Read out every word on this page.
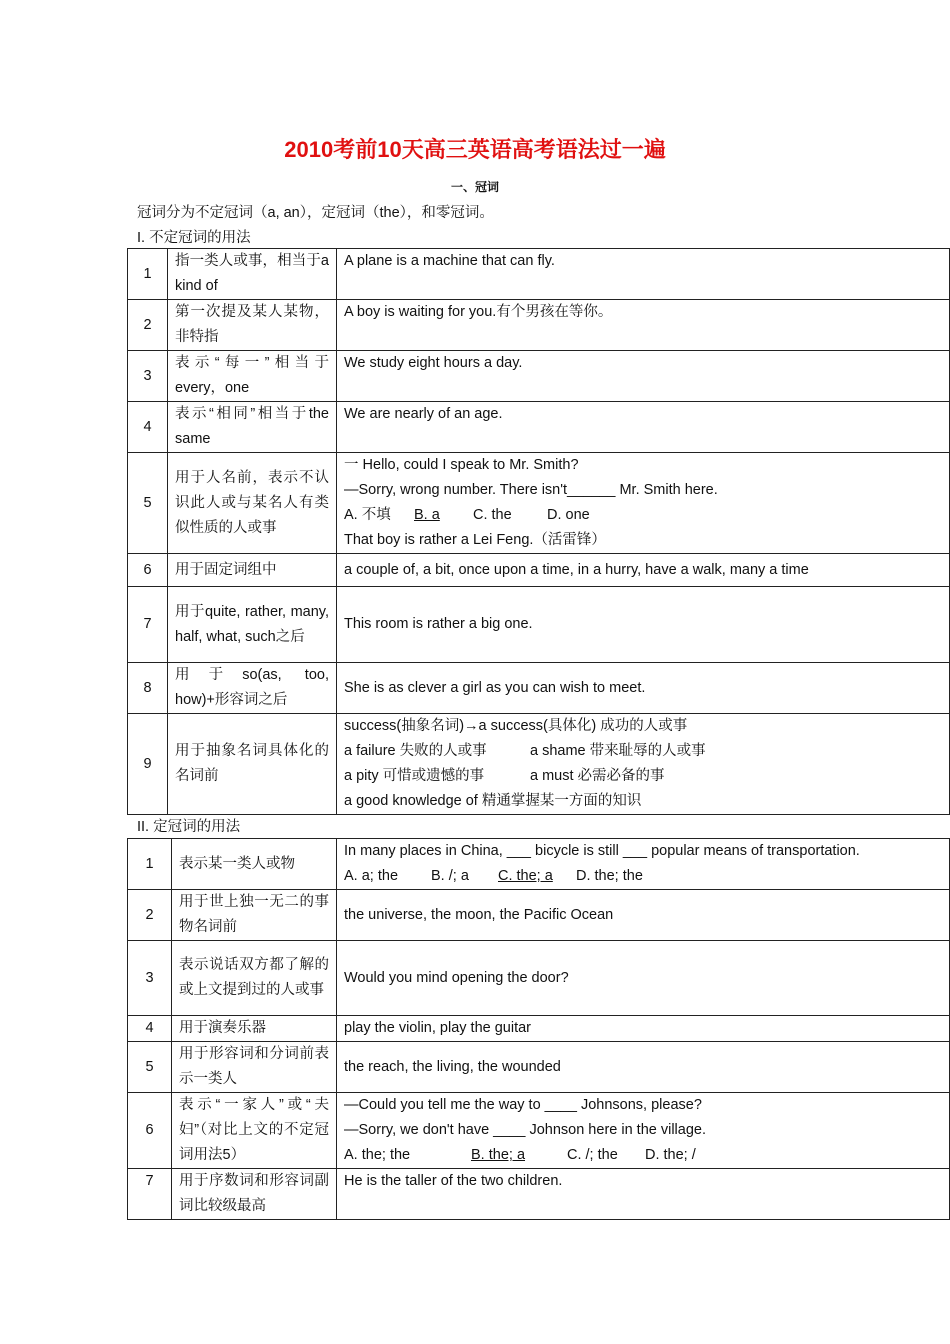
2010考前10天高三英语高考语法过一遍
一、冠词
冠词分为不定冠词（a, an），定冠词（the），和零冠词。
I. 不定冠词的用法
1	指一类人或事，相当于a kind of	A plane is a machine that can fly.
2	第一次提及某人某物，非特指	A boy is waiting for you.有个男孩在等你。
3	表示“每一”相当于every，one	We study eight hours a day.
4	表示“相同”相当于the same	We are nearly of an age.
5	用于人名前，表示不认识此人或与某名人有类似性质的人或事	一 Hello, could I speak to Mr. Smith?
—Sorry, wrong number. There isn't______ Mr. Smith here.
A. 不填 B. a C. the D. one
That boy is rather a Lei Feng.（活雷锋）

6	用于固定词组中	a couple of, a bit, once upon a time, in a hurry, have a walk, many a time
7	用于quite, rather, many, half, what, such之后	This room is rather a big one.
8	用于so(as, too, how)+形容词之后	She is as clever a girl as you can wish to meet.
9	用于抽象名词具体化的名词前	success(抽象名词)→a success(具体化) 成功的人或事
a failure 失败的人或事 a shame 带来耻辱的人或事
a pity 可惜或遗憾的事 a must 必需必备的事
a good knowledge of 精通掌握某一方面的知识
II. 定冠词的用法
1	表示某一类人或物	In many places in China, ___ bicycle is still ___ popular means of transportation.
A. a; the B. /; a C. the; a D. the; the

2	用于世上独一无二的事物名词前	the universe, the moon, the Pacific Ocean
3	表示说话双方都了解的或上文提到过的人或事	Would you mind opening the door?
4	用于演奏乐器	play the violin, play the guitar
5	用于形容词和分词前表示一类人	the reach, the living, the wounded
6	表示“一家人”或“夫妇”（对比上文的不定冠词用法5）	—Could you tell me the way to ____ Johnsons, please?
—Sorry, we don't have ____ Johnson here in the village.
A. the; the B. the; a C. /; the D. the; /

7	用于序数词和形容词副词比较级最高	He is the taller of the two children.
